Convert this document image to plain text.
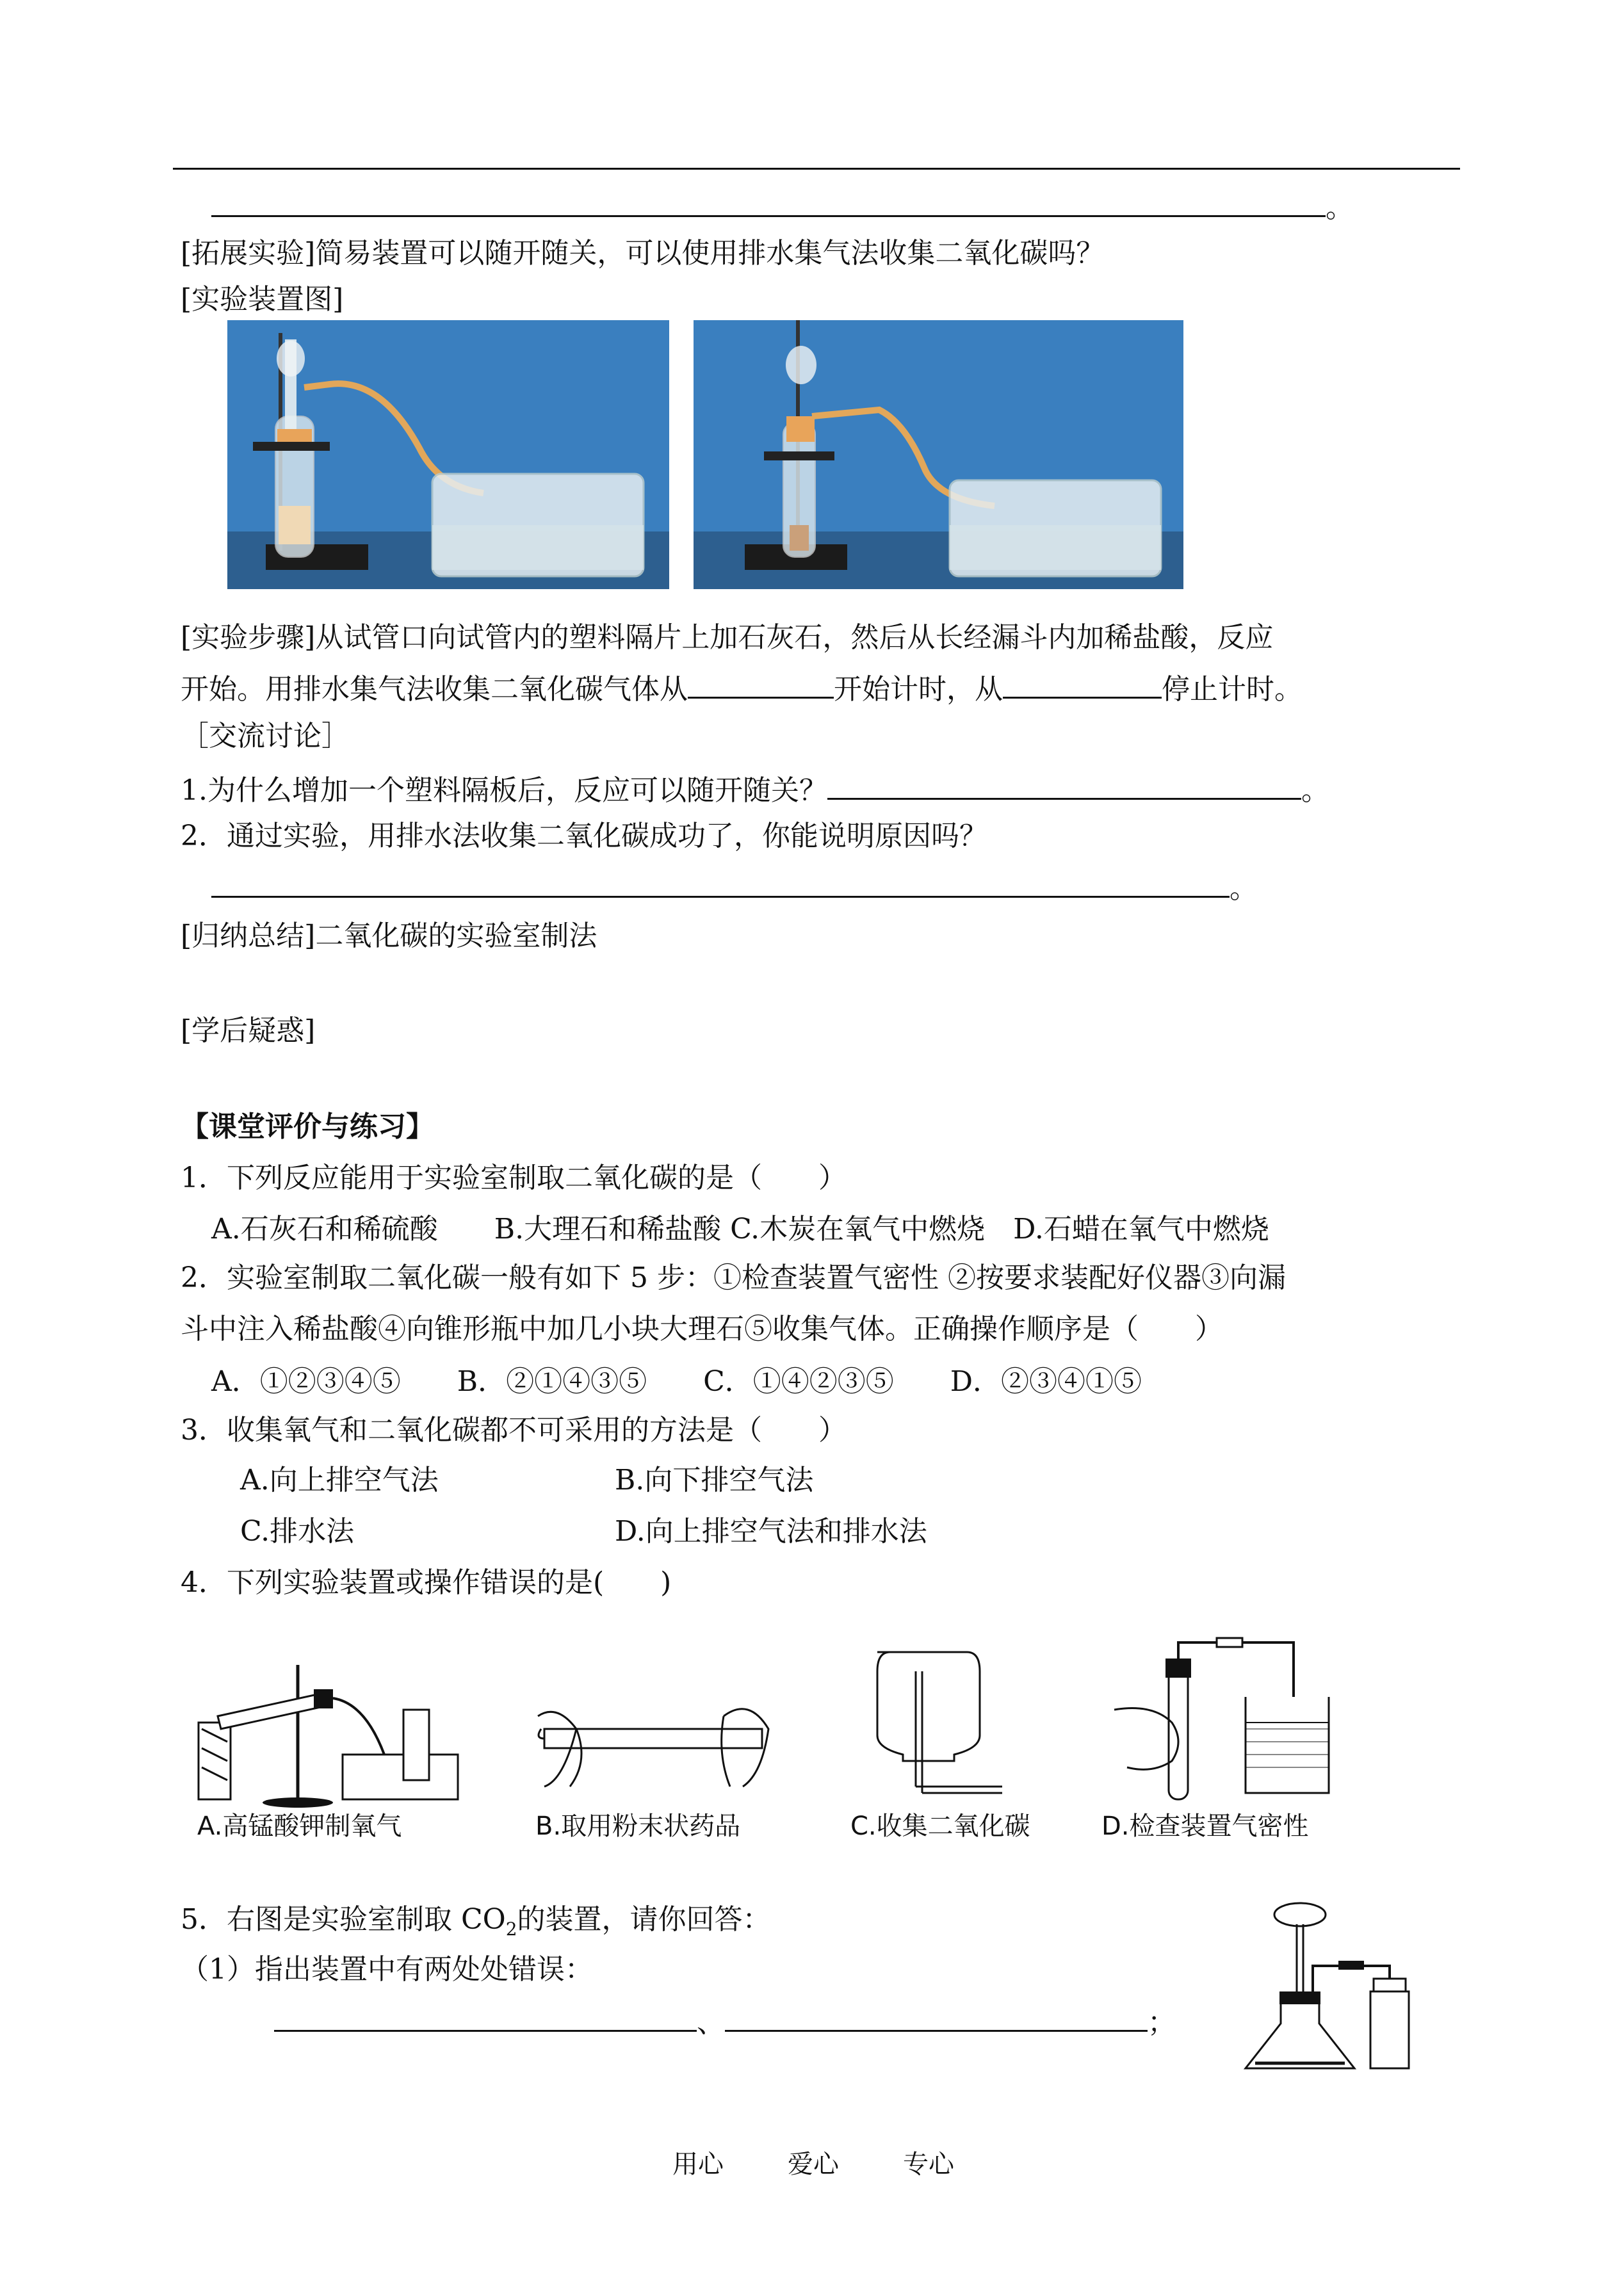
。
[拓展实验]简易装置可以随开随关，可以使用排水集气法收集二氧化碳吗？
[实验装置图]
[实验步骤]从试管口向试管内的塑料隔片上加石灰石，然后从长经漏斗内加稀盐酸，反应
开始。用排水集气法收集二氧化碳气体从	开始计时，从	停止计时。
［交流讨论］
1.为什么增加一个塑料隔板后，反应可以随开随关？	。
2．通过实验，用排水法收集二氧化碳成功了，你能说明原因吗？
。
[归纳总结]二氧化碳的实验室制法
[学后疑惑]
【课堂评价与练习】
1．下列反应能用于实验室制取二氧化碳的是（　　）
A.石灰石和稀硫酸　　B.大理石和稀盐酸 C.木炭在氧气中燃烧　D.石蜡在氧气中燃烧
2．实验室制取二氧化碳一般有如下 5 步：①检查装置气密性 ②按要求装配好仪器③向漏
斗中注入稀盐酸④向锥形瓶中加几小块大理石⑤收集气体。正确操作顺序是（　　）
A．①②③④⑤　　B．②①④③⑤　　C．①④②③⑤　　D．②③④①⑤
3．收集氧气和二氧化碳都不可采用的方法是（　　）
A.向上排空气法	B.向下排空气法
C.排水法	D.向上排空气法和排水法
4．下列实验装置或操作错误的是(　　)
A.高锰酸钾制氧气	B.取用粉末状药品	C.收集二氧化碳	D.检查装置气密性
5．右图是实验室制取 $CO_2$的装置，请你回答：
（1）指出装置中有两处处错误：
、	；
用心	爱心	专心
